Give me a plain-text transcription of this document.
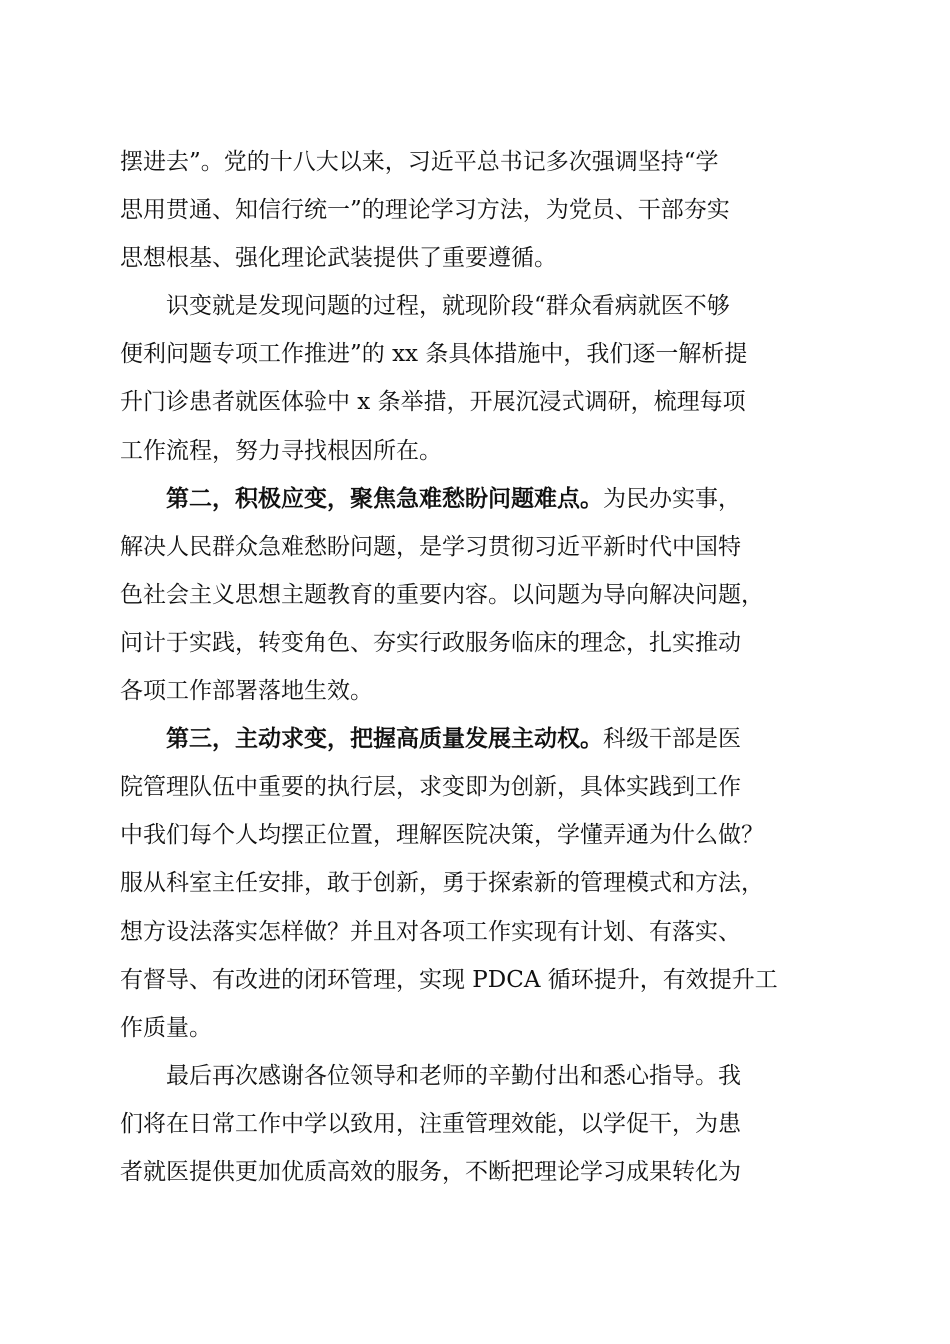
摆进去”。党的十八大以来，习近平总书记多次强调坚持“学
思用贯通、知信行统一”的理论学习方法，为党员、干部夯实
思想根基、强化理论武装提供了重要遵循。
　　识变就是发现问题的过程，就现阶段“群众看病就医不够
便利问题专项工作推进”的 xx 条具体措施中，我们逐一解析提
升门诊患者就医体验中 x 条举措，开展沉浸式调研，梳理每项
工作流程，努力寻找根因所在。
　　第二，积极应变，聚焦急难愁盼问题难点。为民办实事，
解决人民群众急难愁盼问题，是学习贯彻习近平新时代中国特
色社会主义思想主题教育的重要内容。以问题为导向解决问题，
问计于实践，转变角色、夯实行政服务临床的理念，扎实推动
各项工作部署落地生效。
　　第三，主动求变，把握高质量发展主动权。科级干部是医
院管理队伍中重要的执行层，求变即为创新，具体实践到工作
中我们每个人均摆正位置，理解医院决策，学懂弄通为什么做？
服从科室主任安排，敢于创新，勇于探索新的管理模式和方法，
想方设法落实怎样做？并且对各项工作实现有计划、有落实、
有督导、有改进的闭环管理，实现 PDCA 循环提升，有效提升工
作质量。
　　最后再次感谢各位领导和老师的辛勤付出和悉心指导。我
们将在日常工作中学以致用，注重管理效能，以学促干，为患
者就医提供更加优质高效的服务，不断把理论学习成果转化为
